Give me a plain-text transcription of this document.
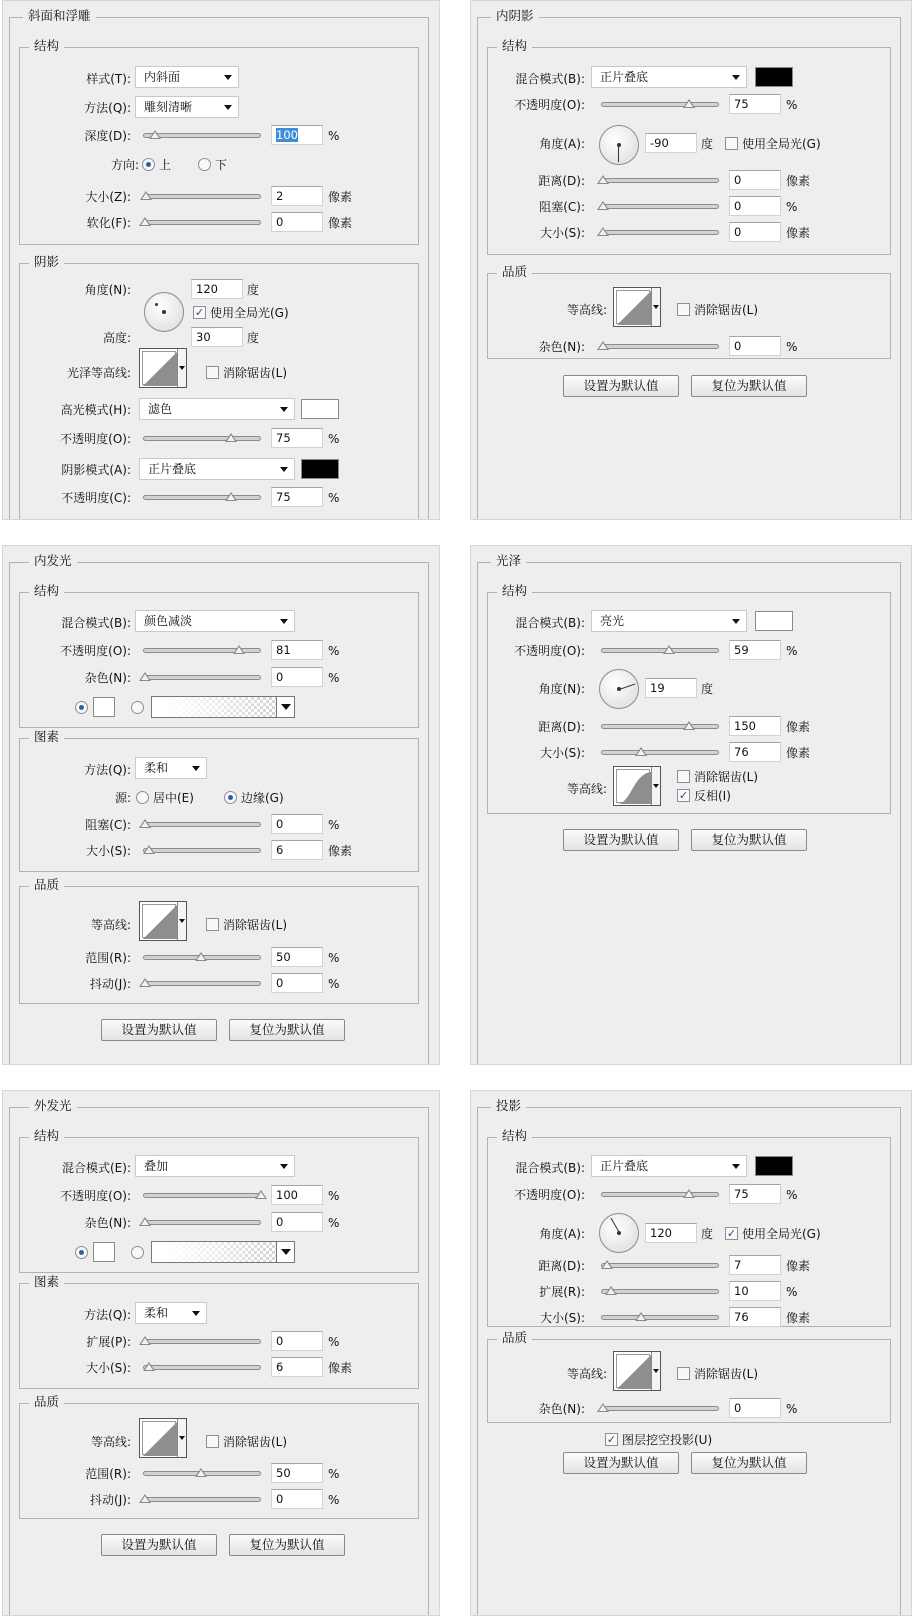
斜面和浮雕
结构
样式(T):	内斜面
方法(Q):	雕刻清晰
深度(D):	100	%
方向: 上	下
大小(Z):	2	像素
软化(F):	0	像素
阴影
角度(N):	120	度
✓ 使用全局光(G)
高度:	30	度
光泽等高线:	消除锯齿(L)
高光模式(H):	滤色
不透明度(O):	75	%
阴影模式(A):	正片叠底
不透明度(C):	75	%
内阴影
结构
混合模式(B):	正片叠底
不透明度(O):	75	%
角度(A):	-90	度 使用全局光(G)
距离(D):	0	像素
阻塞(C):	0	%
大小(S):	0	像素
品质
等高线:	消除锯齿(L)
杂色(N):	0	%
设置为默认值	复位为默认值
内发光
结构
混合模式(B):	颜色减淡
不透明度(O):	81	%
杂色(N):	0	%
图素
方法(Q):	柔和
源: 居中(E)	边缘(G)
阻塞(C):	0	%
大小(S):	6	像素
品质
等高线:	消除锯齿(L)
范围(R):	50	%
抖动(J):	0	%
设置为默认值	复位为默认值
光泽
结构
混合模式(B):	亮光
不透明度(O):	59	%
角度(N):	19	度
距离(D):	150	像素
大小(S):	76	像素
等高线:
消除锯齿(L)
✓ 反相(I)
设置为默认值	复位为默认值
外发光
结构
混合模式(E):	叠加
不透明度(O):	100	%
杂色(N):	0	%
图素
方法(Q):	柔和
扩展(P):	0	%
大小(S):	6	像素
品质
等高线:	消除锯齿(L)
范围(R):	50	%
抖动(J):	0	%
设置为默认值	复位为默认值
投影
结构
混合模式(B):	正片叠底
不透明度(O):	75	%
角度(A):	120	度 ✓ 使用全局光(G)
距离(D):	7	像素
扩展(R):	10	%
大小(S):	76	像素
品质
等高线:	消除锯齿(L)
杂色(N):	0	%
✓ 图层挖空投影(U)
设置为默认值	复位为默认值
